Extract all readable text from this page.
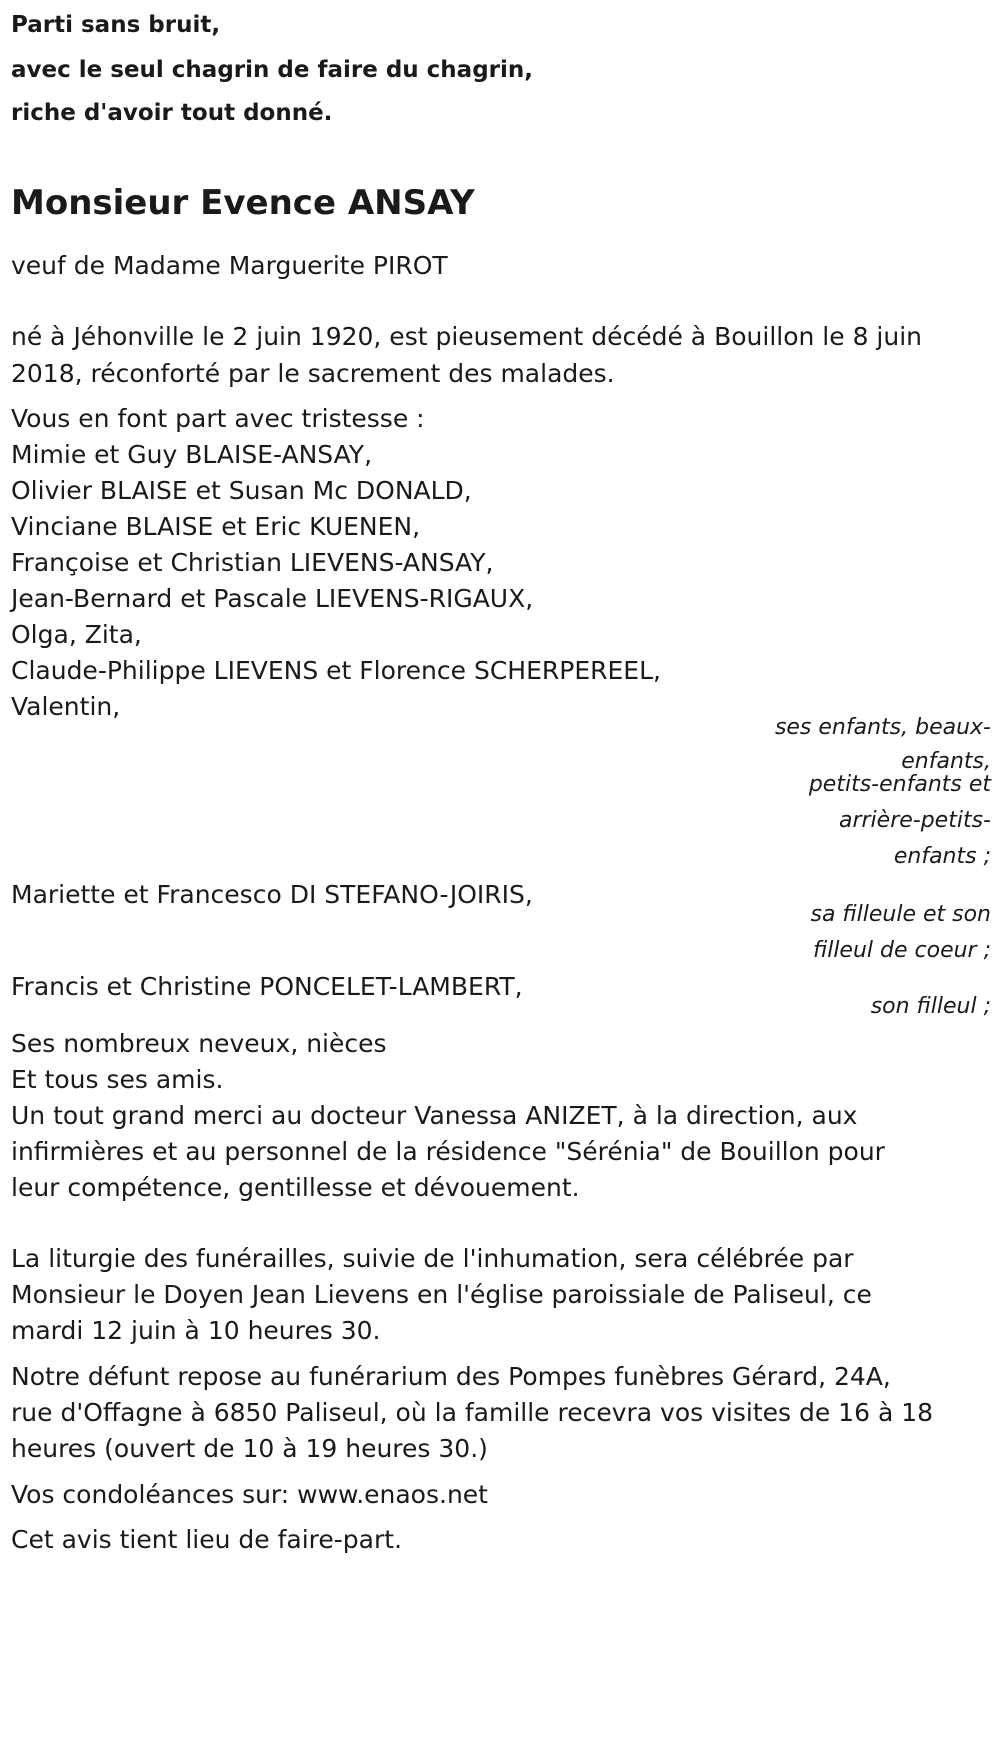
Parti sans bruit,

avec le seul chagrin de faire du chagrin,

riche d'avoir tout donné.

Monsieur Evence ANSAY

veuf de Madame Marguerite PIROT

né à Jéhonville le 2 juin 1920, est pieusement décédé à Bouillon le 8 juin

2018, réconforté par le sacrement des malades.

Vous en font part avec tristesse :

Mimie et Guy BLAISE-ANSAY,

Olivier BLAISE et Susan Mc DONALD,

Vinciane BLAISE et Eric KUENEN,

Françoise et Christian LIEVENS-ANSAY,

Jean-Bernard et Pascale LIEVENS-RIGAUX,

Olga, Zita,

Claude-Philippe LIEVENS et Florence SCHERPEREEL,

Valentin,

ses enfants, beaux-

enfants,

petits-enfants et

arrière-petits-

enfants ;

Mariette et Francesco DI STEFANO-JOIRIS,

sa filleule et son

filleul de coeur ;

Francis et Christine PONCELET-LAMBERT,

son filleul ;

Ses nombreux neveux, nièces

Et tous ses amis.

Un tout grand merci au docteur Vanessa ANIZET, à la direction, aux

infirmières et au personnel de la résidence "Sérénia" de Bouillon pour

leur compétence, gentillesse et dévouement.

La liturgie des funérailles, suivie de l'inhumation, sera célébrée par

Monsieur le Doyen Jean Lievens en l'église paroissiale de Paliseul, ce

mardi 12 juin à 10 heures 30.

Notre défunt repose au funérarium des Pompes funèbres Gérard, 24A,

rue d'Offagne à 6850 Paliseul, où la famille recevra vos visites de 16 à 18

heures (ouvert de 10 à 19 heures 30.)

Vos condoléances sur: www.enaos.net

Cet avis tient lieu de faire-part.
